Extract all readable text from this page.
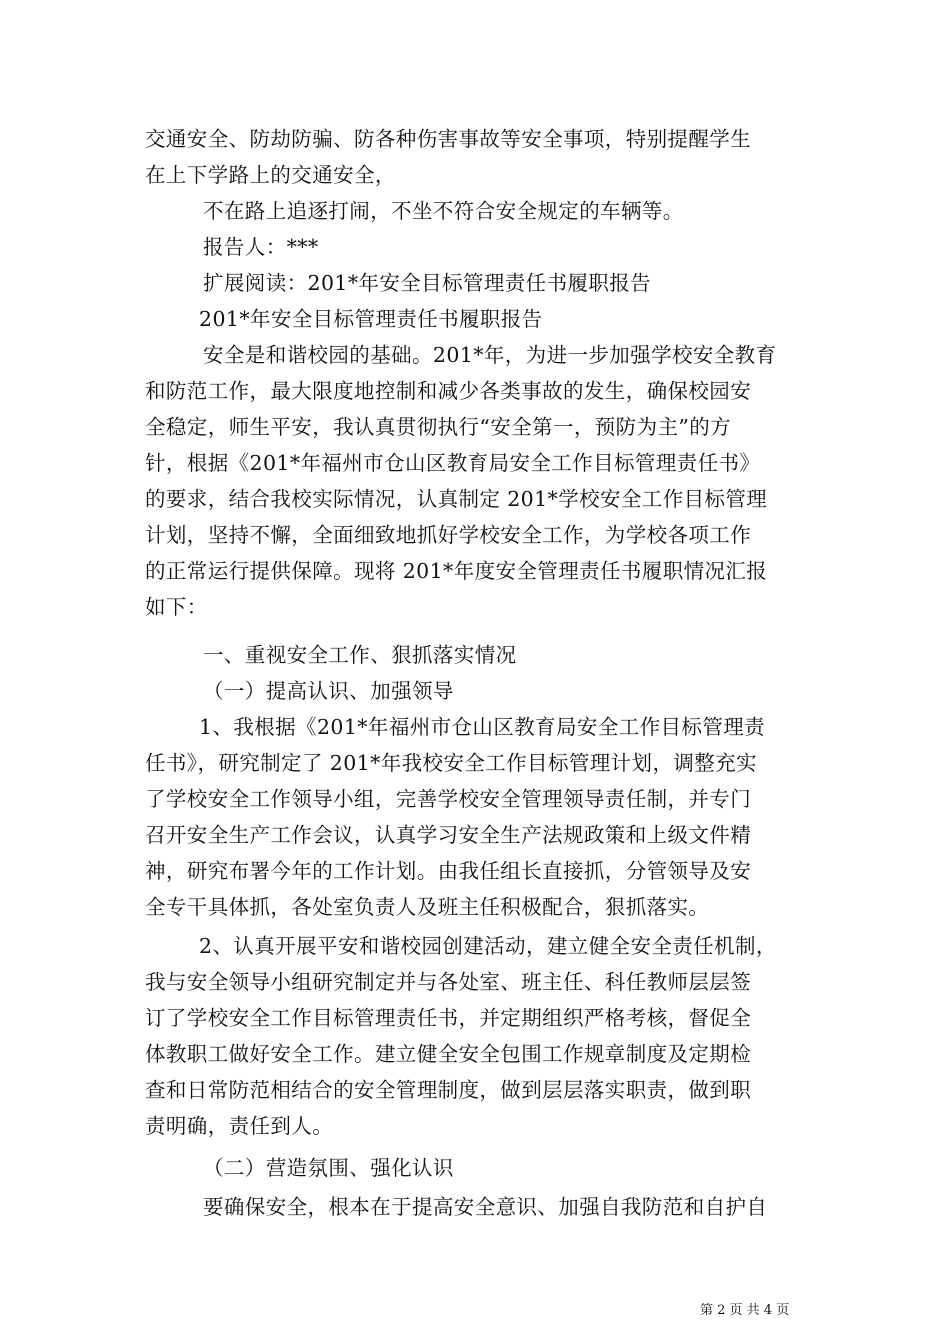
交通安全、防劫防骗、防各种伤害事故等安全事项，特别提醒学生
在上下学路上的交通安全，
不在路上追逐打闹，不坐不符合安全规定的车辆等。
报告人：***
扩展阅读：201*年安全目标管理责任书履职报告
201*年安全目标管理责任书履职报告
安全是和谐校园的基础。201*年，为进一步加强学校安全教育
和防范工作，最大限度地控制和减少各类事故的发生，确保校园安
全稳定，师生平安，我认真贯彻执行“安全第一，预防为主”的方
针，根据《201*年福州市仓山区教育局安全工作目标管理责任书》
的要求，结合我校实际情况，认真制定 201*学校安全工作目标管理
计划，坚持不懈，全面细致地抓好学校安全工作，为学校各项工作
的正常运行提供保障。现将 201*年度安全管理责任书履职情况汇报
如下：
一、重视安全工作、狠抓落实情况
（一）提高认识、加强领导
1、我根据《201*年福州市仓山区教育局安全工作目标管理责
任书》，研究制定了 201*年我校安全工作目标管理计划，调整充实
了学校安全工作领导小组，完善学校安全管理领导责任制，并专门
召开安全生产工作会议，认真学习安全生产法规政策和上级文件精
神，研究布署今年的工作计划。由我任组长直接抓，分管领导及安
全专干具体抓，各处室负责人及班主任积极配合，狠抓落实。
2、认真开展平安和谐校园创建活动，建立健全安全责任机制，
我与安全领导小组研究制定并与各处室、班主任、科任教师层层签
订了学校安全工作目标管理责任书，并定期组织严格考核，督促全
体教职工做好安全工作。建立健全安全包围工作规章制度及定期检
查和日常防范相结合的安全管理制度，做到层层落实职责，做到职
责明确，责任到人。
（二）营造氛围、强化认识
要确保安全，根本在于提高安全意识、加强自我防范和自护自
第 2 页 共 4 页
